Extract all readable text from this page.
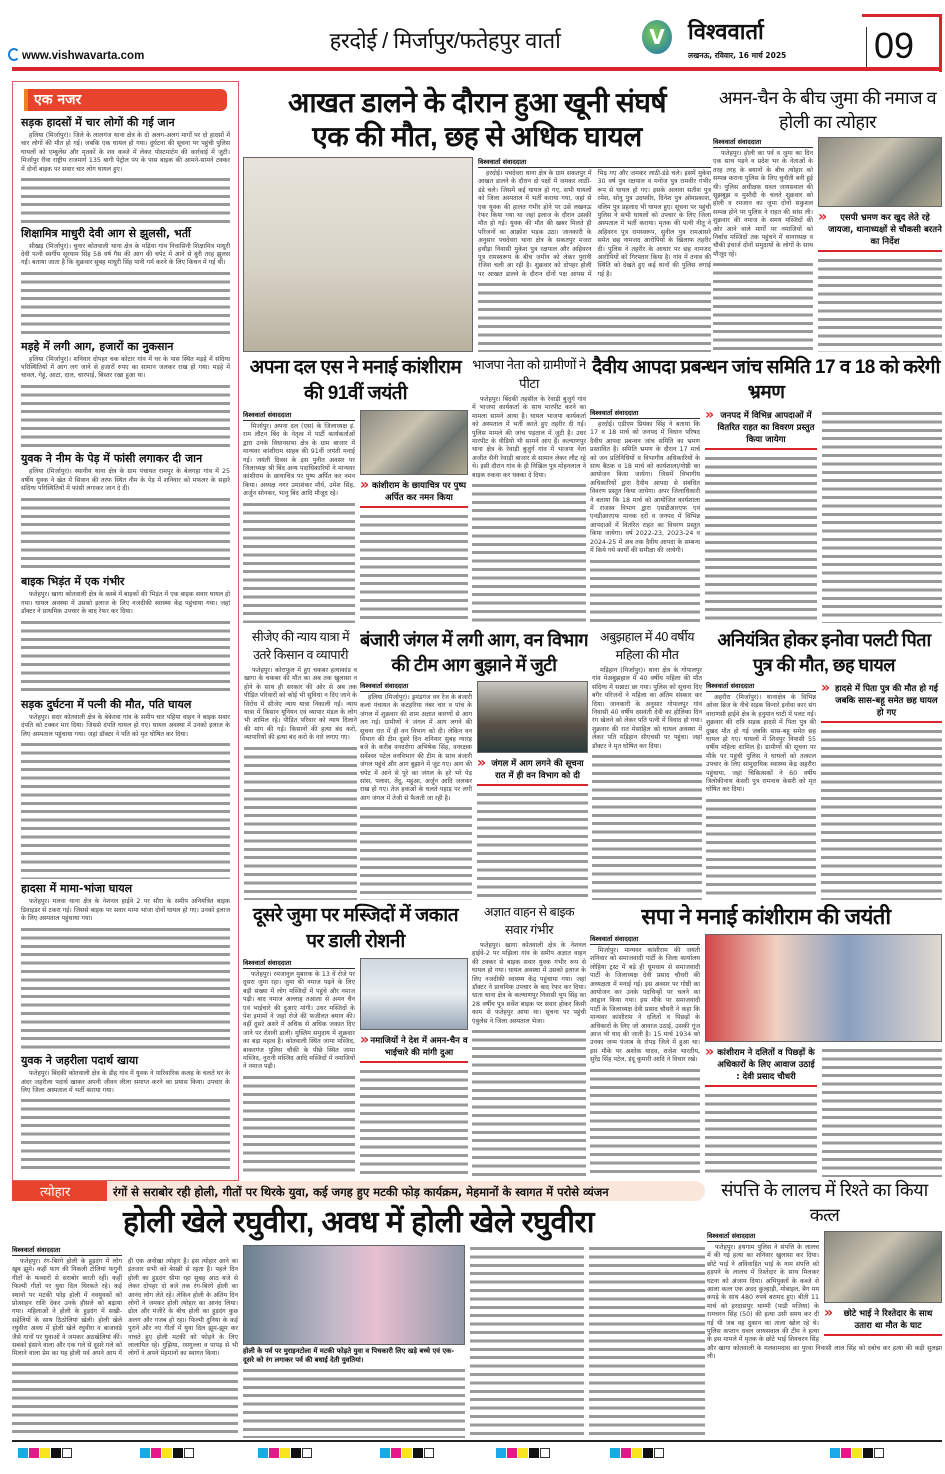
www.vishwavarta.com
हरदोई / मिर्जापुर/फतेहपुर वार्ता	V	विश्ववार्ता
लखनऊ, रविवार, 16 मार्च 2025 09
एक नजर
सड़क हादसों में चार लोगों की गई जान

हलिया (मिर्जापुर)। जिले के लालगंज थाना क्षेत्र के दो अलग-अलग मार्गों पर दो हादसों में चार लोगों की मौत हो गई। जबकि एक घायल हो गया। दुर्घटना की सूचना पर पहुंची पुलिस घायलों को एम्बुलेंस और मृतकों के शव कब्जे में लेकर पोस्टमार्टम की कार्रवाई में जुटी। मिर्जापुर रीवा राष्ट्रीय राजमार्ग 135 बागी पेट्रोल पंप के पास बाइक की आमने-सामने टक्कर में दोनों बाइक पर सवार चार लोग घायल हुए।

शिक्षामित्र माधुरी देवी आग से झुलसी, भर्ती

सीखड़ (मिर्जापुर)। चुनार कोतवाली थाना क्षेत्र के मढ़िया गांव निवासिनी शिक्षामित्र माधुरी देवी पत्नी स्वर्गीय सूरयाम सिंह 58 वर्ष गैस की आग की चपेट में आने से बुरी तरह झुलस गईं। बताया जाता है कि शुक्रवार सुबह माधुरी सिंह पानी गर्म करने के लिए किचन में गई थीं।

मड़हे में लगी आग, हजारों का नुकसान

हलिया (मिर्जापुर)। शनिवार दोपहर चक कोटार गांव में घर के पास स्थित मड़हे में संदिग्ध परिस्थितियों में आग लग जाने से हजारों रुपए का सामान जलकर राख हो गया। मड़हे में चावल, गेहूं, आटा, दाल, चारपाई, बिस्तर रखा हुआ था।

युवक ने नीम के पेड़ में फांसी लगाकर दी जान

हलिया (मिर्जापुर)। स्थानीय थाना क्षेत्र के ग्राम पंचायत रामपुर के बेलगहा गांव में 25 वर्षीय युवक ने खेत में सिवान की तरफ स्थित नीम के पेड़ में शनिवार को मफलर के सहारे संदिग्ध परिस्थितियों में फांसी लगाकर जान दे दी।

बाइक भिड़ंत में एक गंभीर

फतेहपुर। खागा कोतवाली क्षेत्र के कस्बे में बाइकों की भिड़ंत में एक बाइक सवार घायल हो गया। घायल अवस्था में उसको इलाज के लिए नजदीकी स्वास्थ्य केंद्र पहुंचाया गया। जहां डॉक्टर ने प्राथमिक उपचार के बाद रेफर कर दिया।

सड़क दुर्घटना में पत्नी की मौत, पति घायल

फतेहपुर। सदर कोतवाली क्षेत्र के बेकेरवा गांव के समीप चार पहिया वाहन ने बाइक सवार दंपति को टक्कर मार दिया। जिससे दंपति घायल हो गए। घायल अवस्था में उनको इलाज के लिए अस्पताल पहुंचाया गया। जहां डॉक्टर ने पति को मृत घोषित कर दिया।

हादसा में मामा-भांजा घायल

फतेहपुर। मलवा थाना क्षेत्र के नेशनल हाईवे 2 पर सौरा के समीप अनियंत्रित बाइक डिवाइडर से टकरा गई। जिससे बाइक पर सवार मामा भांजा दोनों घायल हो गए। उनको इलाज के लिए अस्पताल पहुंचाया गया।

युवक ने जहरीला पदार्थ खाया

फतेहपुर। बिंदकी कोतवाली क्षेत्र के डीह गांव में युवक ने पारिवारिक कलह के चलते घर के अंदर जहरीला पदार्थ खाकर अपनी जीवन लीला समाप्त करने का प्रयास किया। उपचार के लिए जिला अस्पताल में भर्ती कराया गया।

आखत डालने के दौरान हुआ खूनी संघर्ष
एक की मौत, छह से अधिक घायल
विश्ववार्ता संवाददाता

हरदोई। पचदेवरा थाना क्षेत्र के ग्राम सकतपुर में आखत डालने के दौरान दो पक्षों में जमकर लाठी-डंडे चले। जिसमें कई घायल हो गए, सभी घायलों को जिला अस्पताल में भर्ती कराया गया, जहां से एक युवक की हालत गंभीर होने पर उसे लखनऊ रेफर किया गया था जहां इलाज के दौरान उसकी मौत हो गई। युवक की मौत की खबर मिलते ही परिजनों का आक्रोश भड़क उठा। जानकारी के अनुसार पचदेवरा थाना क्षेत्र के सकतपुर मजरा हथौड़ा निवासी मुकेश पुत्र रक्षपाल और अहिवरन पुत्र रामस्वरूप के बीच जमीन को लेकर पुरानी रंजिश चली आ रही है। शुक्रवार को दोपहर होली पर आखत डालने के दौरान दोनों पक्ष आपस में भिड़ गए और जमकर लाठी-डंडे चले। इसमें मुकेश 30 वर्ष पुत्र रक्षपाल व मनोज पुत्र रामवीर गंभीर रूप से घायल हो गए। इसके अलावा सतीश पुत्र रमेश, सोनू पुत्र उदयवीर, दिनेश पुत्र ओमप्रकाश, वलिम पुत्र प्रहलाद भी घायल हुए। सूचना पर पहुंची पुलिस ने सभी घायलों को उपचार के लिए जिला अस्पताल में भर्ती कराया। मृतक की पत्नी नीतू ने अहिवरन पुत्र रामस्वरूप, सुनील पुत्र रामआसरे समेत छह नामजद आरोपियों के खिलाफ तहरीर दी। पुलिस ने तहरीर के आधार पर छह नामजद आरोपियों को गिरफ्तार किया है। गांव में तनाव की स्थिति को देखते हुए कई थानों की पुलिस लगाई गई है।

अमन-चैन के बीच जुमा की नमाज व होली का त्योहार
विश्ववार्ता संवाददाता

फतेहपुर। होली का पर्व व जुमा का दिन एक साथ पड़ने व प्रदेश भर के नेताओं के तरह तरह के बयानों के बीच त्योहार को सम्पन्न कराना पुलिस के लिए चुनौती बनी हुई थी। पुलिस अधीक्षक धवल जायसवाल की सूझबूझ व मुस्तैदी के चलते शुक्रवार को होली व रमजान का जुमा दोनों सकुशल सम्पन्न होने पर पुलिस ने राहत की सांस ली। शुक्रवार की नमाज के समय मस्जिदों की ओर आने वाले मार्गों पर नमाजियों को निर्बाध मस्जिदों तक पहुंचने में थानाध्यक्ष व चौकी इंचार्ज दोनों समुदायों के लोगों के साथ मौजूद रहे।

» एसपी भ्रमण कर खुद लेते रहे जायजा, थानाध्यक्षों से चौकसी बरतने का निर्देश
अपना दल एस ने मनाई कांशीराम की 91वीं जयंती
विश्ववार्ता संवाददाता

मिर्जापुर। अपना दल (एस) के जिलाध्यक्ष इं. राम लौटन बिंद के नेतृत्व में पार्टी कार्यकर्ताओं द्वारा उनके विधानसभा क्षेत्र के ग्राम बाजार में मान्यवर कांशीराम साहब की 91वीं जयंती मनाई गई। जयंती दिवस के इस पुनीत अवसर पर जिलाध्यक्ष श्री बिंद अन्य पदाधिकारियों ने मान्यवर कांशीराम के छायाचित्र पर पुष्प अर्पित कर नमन किया। अध्यक्ष नगर उमाशंकर मौर्य, उमेश सिंह, अर्जुन सोनकर, भानु बिंद आदि मौजूद रहे।

» कांशीराम के छायाचित्र पर पुष्प अर्पित कर नमन किया
भाजपा नेता को ग्रामीणों ने पीटा

फतेहपुर। बिंदकी तहसील के रेवाड़ी बुजुर्ग गांव में भाजपा कार्यकर्ता के साथ मारपीट करने का मामला सामने आया है। घायल भाजपा कार्यकर्ता को अस्पताल में भर्ती करते हुए तहरीर दी गई। पुलिस मामले की जांच पड़ताल में जुटी है। उधर मारपीट के वीडियो भी सामने आए हैं। कल्याणपुर थाना क्षेत्र के रेवाड़ी बुजुर्ग गांव में भाजपा नेता अजीत सैनी रेवाड़ी बाजार से सामान लेकर लौट रहे थे। इसी दौरान गांव के ही निखिल पुत्र मोहनलाल ने बाइक रुकवा कर धक्का दे दिया।

दैवीय आपदा प्रबन्धन जांच समिति 17 व 18 को करेगी भ्रमण
विश्ववार्ता संवाददाता

हरदोई। एडीएम प्रियंका सिंह ने बताया कि 17 व 18 मार्च को जनपद में विधान परिषद दैवीय आपदा प्रबन्धन जांच समिति का भ्रमण प्रस्तावित है। समिति भ्रमण के दौरान 17 मार्च को जन प्रतिनिधियों व विभागीय अधिकारियों के साथ बैठक व 18 मार्च को कार्यशाला/गोष्ठी का आयोजन किया जायेगा। जिसमें विभागीय अधिकारियों द्वारा दैवीय आपदा से संबंधित विवरण प्रस्तुत किया जायेगा। अपर जिलाधिकारी ने बताया कि 18 मार्च को आयोजित कार्यशाला में राजस्व विभाग द्वारा एसडीआरएफ एवं एनडीआरएफ मानक दरों व जनपद में विभिन्न आपदाओं में वितरित राहत का विवरण प्रस्तुत किया जायेगा। वर्ष 2022-23, 2023-24 व 2024-25 में अब तक दैवीय आपदा के सम्बन्ध में किये गये कार्यों की समीक्षा की जायेगी।

» जनपद में विभिन्न आपदाओं में वितरित राहत का विवरण प्रस्तुत किया जायेगा
सीजेए की न्याय यात्रा में उतरे किसान व व्यापारी

फतेहपुर। कोराफूल में हुए चकबर हत्याकांड व खागा के चकबर की मौत का अब तक खुलासा न होने के साथ ही सरकार की ओर से अब तक पीड़ित परिवारों को कोई भी सुविधा न दिए जाने के विरोध में सीजेए न्याय यात्रा निकाली गई। न्याय यात्रा में किसान यूनियन एवं व्यापार मंडल के लोग भी शामिल रहे। पीड़ित परिवार को न्याय दिलाने की मांग की गई। किसानों की हत्या बंद करो, व्यापारियों की हत्या बंद करो के नारे लगाए गए।

बंजारी जंगल में लगी आग, वन विभाग की टीम आग बुझाने में जुटी
विश्ववार्ता संवाददाता

हलिया (मिर्जापुर)। ड्रमंडगंज वन रेंज के बंजारी कलां पंचायत के कटहरिया नंबर चार व पांच के जंगल में शुक्रवार की शाम अज्ञात कारणों से आग लग गई। ग्रामीणों ने जंगल में आग लगने की सूचना रात में ही वन विभाग को दी। लेकिन वन विभाग की टीम दूसरे दिन शनिवार सुबह ग्यारह बजे के करीब वनदरोगा अभिषेक सिंह, वनरक्षक सर्वेश्वर पटेल वनविभाग की टीम के साथ बंजारी जंगल पहुंचे और आग बुझाने में जुट गए। आग की चपेट में आने से पूरे का जंगल के हरे भरे पेड़ सांस, पलाश, तेंदू, महुआ, अर्जुन आदि जलकर राख हो गए। तेज हवाओं के चलते पहाड़ पर लगी आग जंगल में तेजी से फैलती जा रही है।

» जंगल में आग लगने की सूचना रात में ही वन विभाग को दी
अबुझहाल में 40 वर्षीय महिला की मौत

मड़िहान (मिर्जापुर)। थाना क्षेत्र के गोपालपुर गांव मेअबुझहाल में 40 वर्षीय महिला की मौत संदिग्ध में सन्नाटा छा गया। पुलिस को सूचना दिए बगैर परिजनों ने महिला का अंतिम संस्कार कर दिया। जानकारी के अनुसार गोपालपुर गांव निवासी 40 वर्षीय दसवंती देवी का होलिका दिन रंग खेलने को लेकर पति पत्नी में विवाद हो गया। शुक्रवार की रात मेसाहिल को घायल अवस्था में लेकर पति मड़िहान सीएचसी पर पहुंचा। जहां डॉक्टर ने मृत घोषित कर दिया।

अनियंत्रित होकर इनोवा पलटी पिता पुत्र की मौत, छह घायल
विश्ववार्ता संवाददाता

अहरौरा (मिर्जापुर)। थानाक्षेत्र के विभिन्न ओवर ब्रिज के नीचे सड़क किनारे इनोवा कार संग वाराणसी हाईवे क्षेत्र के हनुमान घाटी में पलट गई। शुक्रवार की रात्रि सड़क हादसे में पिता पुत्र की दुखद मौत हो गई जबकि सास-बहू समेत छह घायल हो गए। घायलों में शिवपुर निवासी 55 वर्षीय महिला शामिल है। ग्रामीणों की सूचना पर मौके पर पहुंची पुलिस ने घायलों को तत्काल उपचार के लिए सामुदायिक स्वास्थ्य केंद्र अहरौरा पहुंचाया, जहां चिकित्सकों ने 60 वर्षीय त्रिलोकीनाथ केसरी पुत्र रामनाथ केसरी को मृत घोषित कर दिया।

» हादसे में पिता पुत्र की मौत हो गई जबकि सास-बहू समेत छह घायल हो गए
दूसरे जुमा पर मस्जिदों में जकात पर डाली रोशनी
विश्ववार्ता संवाददाता

फतेहपुर। रमजानुल मुबारक के 13 वें रोजे पर दूसरा जुमा रहा। जुमा की नमाज पढ़ने के लिए बड़ी संख्या में लोग मस्जिदों में पहुंचे और नमाज पढ़ी। बाद नमाज अल्लाह तआला से अमन चैन एवं भाईचारे की दुआएं मांगी। उधर मस्जिदों के पेश इमामों ने जहां रोजे की फजीलत बयान की। वहीं दूसरे अशरे में अधिक से अधिक जकात दिए जाने पर रोशनी डाली। मुस्लिम समुदाय में शुक्रवार का बड़ा महत्व है। कोतवाली स्थित जामा मस्जिद, बाकरगंज पुलिस चौकी के पीछे स्थित जामा मस्जिद, नूरानी मस्जिद आदि मस्जिदों में नमाजियों ने नमाज पढ़ी।

» नमाजियों ने देश में अमन-चैन व भाईचारे की मांगी दुआ
अज्ञात वाहन से बाइक सवार गंभीर

फतेहपुर। खागा कोतवाली क्षेत्र के नेशनल हाईवे-2 पर मझिला गांव के समीप अज्ञात वाहन की टक्कर से बाइक सवार युवक गंभीर रूप से घायल हो गया। घायल अवस्था में उसको इलाज के लिए नजदीकी स्वास्थ्य केंद्र पहुंचाया गया। जहां डॉक्टर ने प्राथमिक उपचार के बाद रेफर कर दिया। धाता थाना क्षेत्र के कल्याणपुर निवासी भूप सिंह का 28 वर्षीय पुत्र सर्वेश बाइक पर सवार होकर किसी काम से फतेहपुर आया था। सूचना पर पहुंची एंबुलेंस ने जिला अस्पताल भेजा।

सपा ने मनाई कांशीराम की जयंती
विश्ववार्ता संवाददाता

मिर्जापुर। मान्यवर कांशीराम की जयंती शनिवार को समाजवादी पार्टी के जिला कार्यालय लोहिया ट्रस्ट में बड़े ही धूमधाम से समाजवादी पार्टी के जिलाध्यक्ष देवी प्रसाद चौधरी की अध्यक्षता में मनाई गई। इस अवसर पर गोष्ठी का आयोजन कर उनके पदचिन्हों पर चलने का आह्वान किया गया। इस मौके पर समाजवादी पार्टी के जिलाध्यक्ष देवी प्रसाद चौधरी ने कहा कि मान्यवर कांशीराम ने दलितों व पिछड़ों के अधिकारों के लिए जो आवाज उठाई, उसकी गूंज आज भी याद की जाती है। 15 मार्च 1934 को उनका जन्म पंजाब के रोपड़ जिले में हुआ था। इस मौके पर अशोक यादव, राजेश भारतीय, सुरेंद्र सिंह पटेल, इंदू कुमारी आदि ने विचार रखे। » कांशीराम ने दलितों व पिछड़ों के अधिकारों के लिए आवाज उठाई : देवी प्रसाद चौधरी
त्योहार	रंगों से सराबोर रही होली, गीतों पर थिरके युवा, कई जगह हुए मटकी फोड़ कार्यक्रम, मेहमानों के स्वागत में परोसे व्यंजन
होली खेले रघुवीरा, अवध में होली खेले रघुवीरा
विश्ववार्ता संवाददाता

फतेहपुर। रंग-बिरंगे होली के हुड़दंग में लोग खूब झूमे। कहीं फाग की निकली टोलियां फगुनी गीतों के फव्वारों से सराबोर करती रहीं। कहीं फिल्मी गीतों पर युवा दिल थिरकते रहे। कई स्थानों पर मटकी फोड़ होली में नवयुवकों को प्रोत्साहन राशि देकर उनके हौसले को बढ़ाया गया। महिलाओं ने होली के हुड़दंग में सखी-सहेलियों के साथ ठिठोलियां खेली। होली खेले रघुवीरा अवध में होली खेले रघुवीरा व बाजावंडे जैसे गानों पर युवाओं ने जमकर अठखेलियां कीं। सबको हंसाने वाला और एक गले से दूसरे गले को मिलाने वाला प्रेम का यह होली पर्व अपने आप में ही एक अनोखा त्योहार है। इस त्योहार आने का इंतजार सभी को बेसब्री से रहता है। पहले दिन होली का हुड़दंग धीमा रहा सुबह आठ बजे से लेकर दोपहर दो बजे तक रंग-बिरंगे होली का आनंद लोग लेते रहे। लेकिन होली के अंतिम दिन लोगों ने जमकर होली त्योहार का आनंद लिया। ढोल और मंजीरे के बीच होली का हुड़दंग कुछ अलग और गजब हो रहा। फिल्मी दुनिया के कई पुराने और नए गीतों में युवा दिल झूम-झूम कर नाचते हुए होली मटकी को फोड़ने के लिए लालायित रहे। गुझिया, रसगुल्ला व पापड़ से भी लोगों ने अपने मेहमानों का स्वागत किया।	होली के पर्व पर मुराइनटोला में मटकी फोड़ते युवा व पिचकारी लिए खड़े बच्चे एवं एक-दूसरे को रंग लगाकर पर्व की बधाई देती युवतियां।
संपत्ति के लालच में रिश्ते का किया कत्ल
» छोटे भाई ने रिश्तेदार के साथ उतारा था मौत के घाट
विश्ववार्ता संवाददाता

फतेहपुर। हथगाम पुलिस ने संपत्ति के लालच में की गई हत्या का शनिवार खुलासा कर दिया। छोटे भाई ने अविवाहित भाई के नाम संपत्ति को हड़पने के लालच में रिश्तेदार के साथ मिलकर घटना को अंजाम दिया। अभियुक्तों के कब्जे से आला कत्ल एक अदद कुल्हाड़ी, मोबाइल, बैग मय कपड़े के साथ 480 रुपये बरामद हुए। बीती 11 मार्च को हरदासपुर थाम्भी (पाडी मजिया) के रामचरन सिंह (50) की हत्या उसी समय कर दी गई थी जब वह दुकान का ताला खोल रहे थे। पुलिस कप्तान धवल जायसवाल की टीम ने हत्या के इस मामले में मृतक के छोटे भाई शिवचरन सिंह और खागा कोतवाली के मलवामदास का पुरवा निवासी लाल सिंह को दबोच कर हत्या की कड़ी सुलझा ली।
